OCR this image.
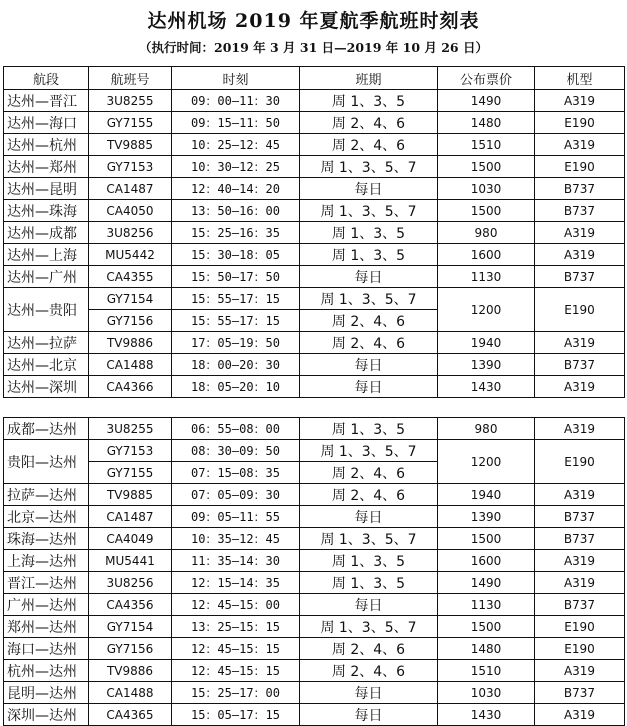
达州机场 2019 年夏航季航班时刻表
（执行时间：2019 年 3 月 31 日—2019 年 10 月 26 日）
航段	航班号	时刻	班期	公布票价	机型
达州—晋江	3U8255	09：00—11：30	周 1、3、5	1490	A319
达州—海口	GY7155	09：15—11：50	周 2、4、6	1480	E190
达州—杭州	TV9885	10：25—12：45	周 2、4、6	1510	A319
达州—郑州	GY7153	10：30—12：25	周 1、3、5、7	1500	E190
达州—昆明	CA1487	12：40—14：20	每日	1030	B737
达州—珠海	CA4050	13：50—16：00	周 1、3、5、7	1500	B737
达州—成都	3U8256	15：25—16：35	周 1、3、5	980	A319
达州—上海	MU5442	15：30—18：05	周 1、3、5	1600	A319
达州—广州	CA4355	15：50—17：50	每日	1130	B737
达州—贵阳	GY7154	15：55—17：15	周 1、3、5、7	1200	E190
	GY7156	15：55—17：15	周 2、4、6		
达州—拉萨	TV9886	17：05—19：50	周 2、4、6	1940	A319
达州—北京	CA1488	18：00—20：30	每日	1390	B737
达州—深圳	CA4366	18：05—20：10	每日	1430	A319

成都—达州	3U8255	06：55—08：00	周 1、3、5	980	A319
贵阳—达州	GY7153	08：30—09：50	周 1、3、5、7	1200	E190
	GY7155	07：15—08：35	周 2、4、6		
拉萨—达州	TV9885	07：05—09：30	周 2、4、6	1940	A319
北京—达州	CA1487	09：05—11：55	每日	1390	B737
珠海—达州	CA4049	10：35—12：45	周 1、3、5、7	1500	B737
上海—达州	MU5441	11：35—14：30	周 1、3、5	1600	A319
晋江—达州	3U8256	12：15—14：35	周 1、3、5	1490	A319
广州—达州	CA4356	12：45—15：00	每日	1130	B737
郑州—达州	GY7154	13：25—15：15	周 1、3、5、7	1500	E190
海口—达州	GY7156	12：45—15：15	周 2、4、6	1480	E190
杭州—达州	TV9886	12：45—15：15	周 2、4、6	1510	A319
昆明—达州	CA1488	15：25—17：00	每日	1030	B737
深圳—达州	CA4365	15：05—17：15	每日	1430	A319
